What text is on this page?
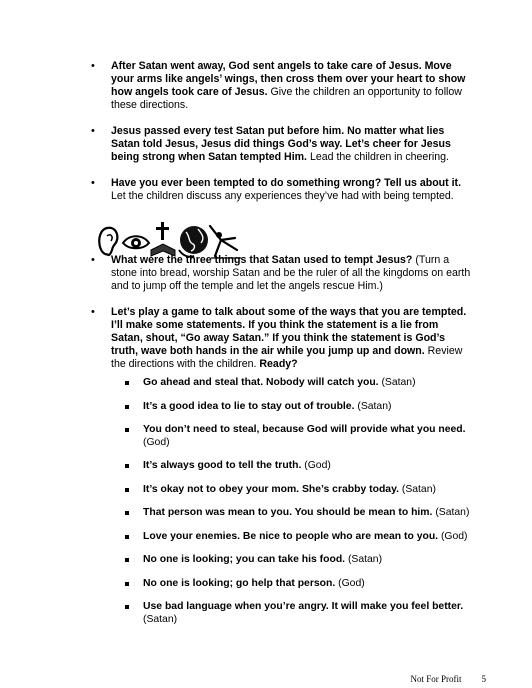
• After Satan went away, God sent angels to take care of Jesus. Move your arms like angels’ wings, then cross them over your heart to show how angels took care of Jesus. Give the children an opportunity to follow these directions.
• Jesus passed every test Satan put before him. No matter what lies Satan told Jesus, Jesus did things God’s way. Let’s cheer for Jesus being strong when Satan tempted Him. Lead the children in cheering.
• Have you ever been tempted to do something wrong? Tell us about it. Let the children discuss any experiences they’ve had with being tempted.
• What were the three things that Satan used to tempt Jesus? (Turn a stone into bread, worship Satan and be the ruler of all the kingdoms on earth and to jump off the temple and let the angels rescue Him.)
• Let’s play a game to talk about some of the ways that you are tempted. I’ll make some statements. If you think the statement is a lie from Satan, shout, “Go away Satan.” If you think the statement is God’s truth, wave both hands in the air while you jump up and down. Review the directions with the children. Ready?
Go ahead and steal that. Nobody will catch you. (Satan)
It’s a good idea to lie to stay out of trouble. (Satan)
You don’t need to steal, because God will provide what you need. (God)
It’s always good to tell the truth. (God)
It’s okay not to obey your mom. She’s crabby today. (Satan)
That person was mean to you. You should be mean to him. (Satan)
Love your enemies. Be nice to people who are mean to you. (God)
No one is looking; you can take his food. (Satan)
No one is looking; go help that person. (God)
Use bad language when you’re angry. It will make you feel better. (Satan)
Not For Profit 5
